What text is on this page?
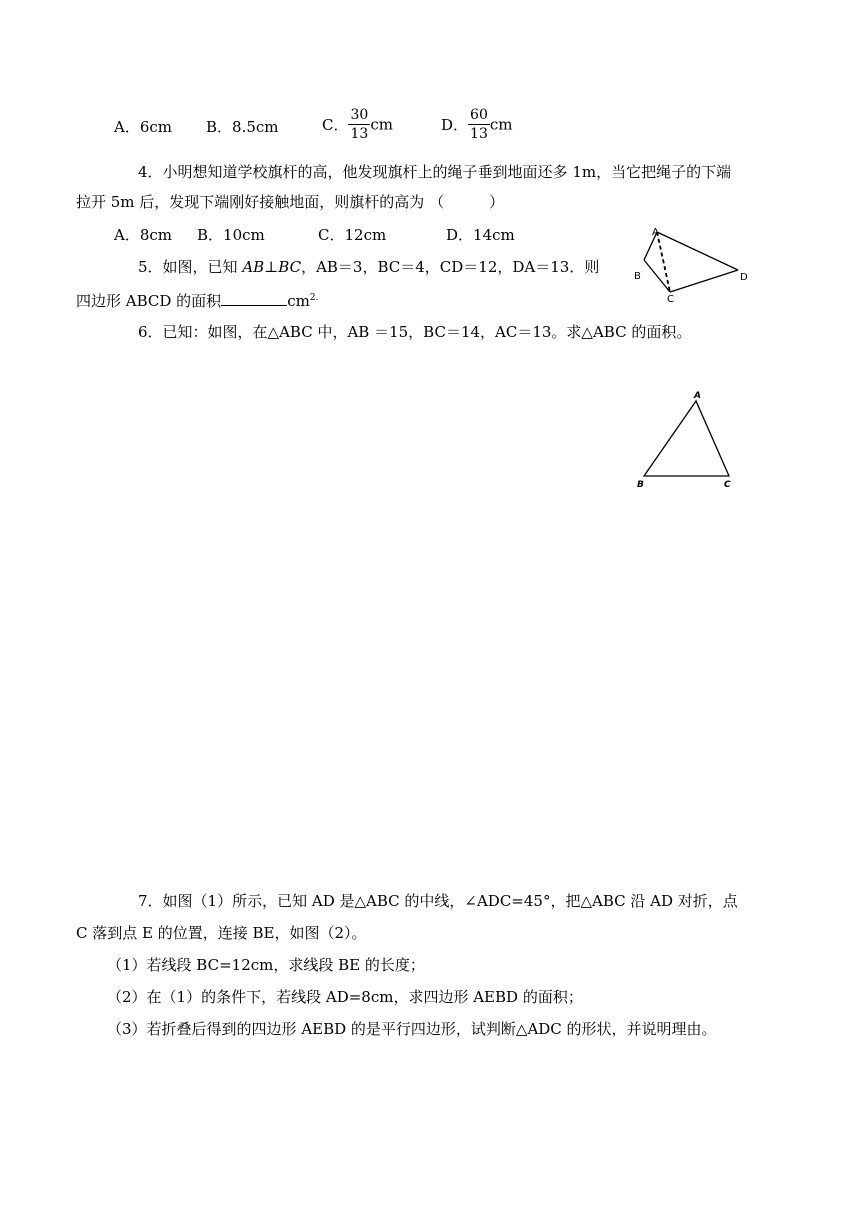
A．6cm B．8.5cm	C． $\frac{30}{13}$ cm	D． $\frac{60}{13}$ cm
4．小明想知道学校旗杆的高，他发现旗杆上的绳子垂到地面还多 1m，当它把绳子的下端
拉开 5m 后，发现下端刚好接触地面，则旗杆的高为 （　　　）
A．8cm B．10cm	C．12cm	D．14cm
5．如图，已知 AB⊥BC，AB＝3，BC＝4，CD＝12，DA＝13．则
四边形 ABCD 的面积	$cm^{2.}$
A
B
C
D
6．已知：如图，在△ABC 中，AB ＝15，BC＝14，AC＝13。求△ABC 的面积。
A
B	C
7．如图（1）所示，已知 AD 是△ABC 的中线，∠ADC=45°，把△ABC 沿 AD 对折，点
C 落到点 E 的位置，连接 BE，如图（2）。
（1）若线段 BC=12cm，求线段 BE 的长度；
（2）在（1）的条件下，若线段 AD=8cm，求四边形 AEBD 的面积；
（3）若折叠后得到的四边形 AEBD 的是平行四边形，试判断△ADC 的形状，并说明理由。
